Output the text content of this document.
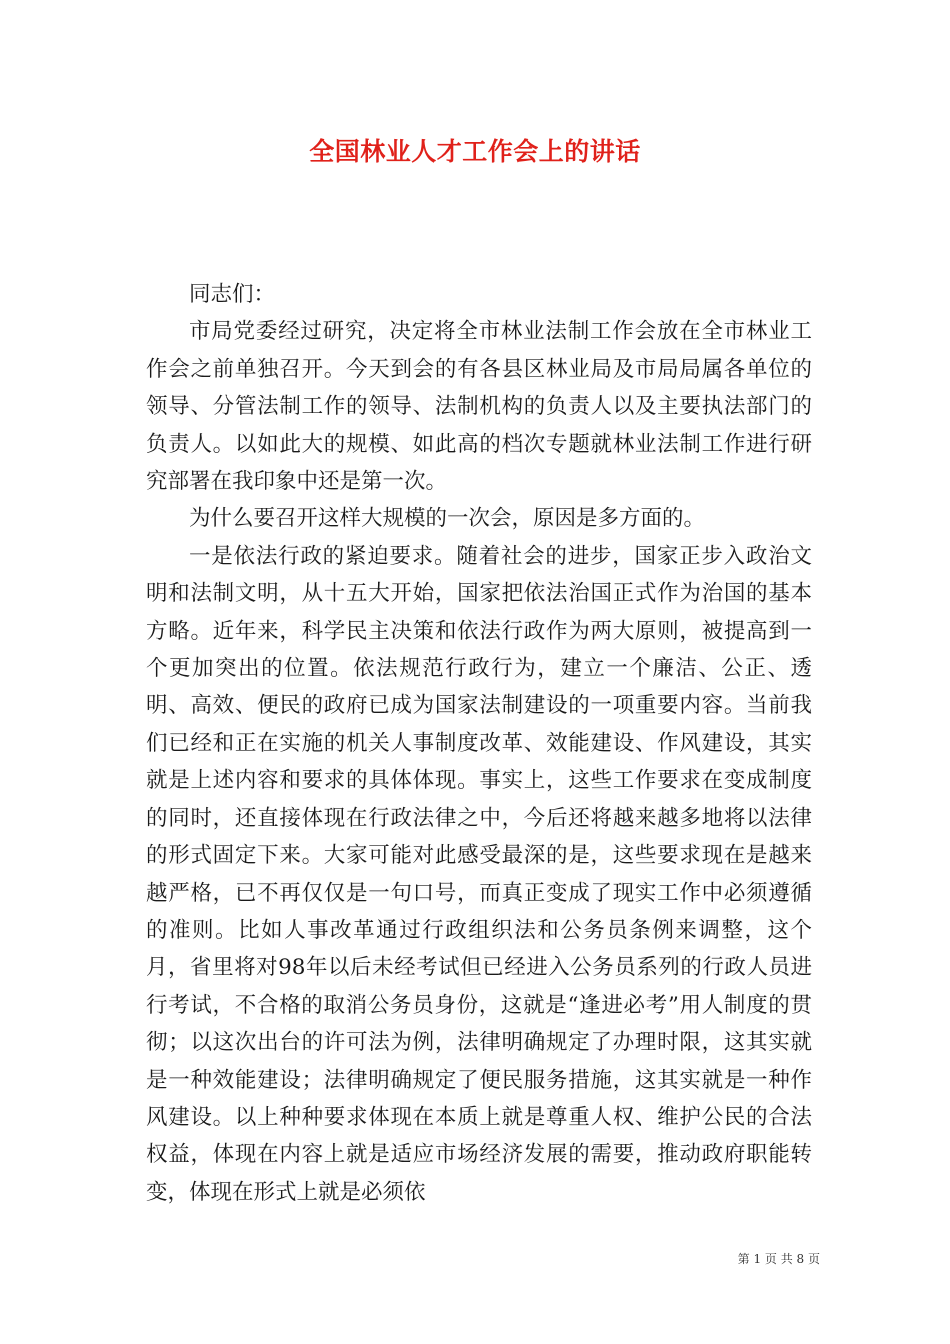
全国林业人才工作会上的讲话

同志们：

市局党委经过研究，决定将全市林业法制工作会放在全市林业工作会之前单独召开。今天到会的有各县区林业局及市局局属各单位的领导、分管法制工作的领导、法制机构的负责人以及主要执法部门的负责人。以如此大的规模、如此高的档次专题就林业法制工作进行研究部署在我印象中还是第一次。

为什么要召开这样大规模的一次会，原因是多方面的。

一是依法行政的紧迫要求。随着社会的进步，国家正步入政治文明和法制文明，从十五大开始，国家把依法治国正式作为治国的基本方略。近年来，科学民主决策和依法行政作为两大原则，被提高到一个更加突出的位置。依法规范行政行为，建立一个廉洁、公正、透明、高效、便民的政府已成为国家法制建设的一项重要内容。当前我们已经和正在实施的机关人事制度改革、效能建设、作风建设，其实就是上述内容和要求的具体体现。事实上，这些工作要求在变成制度的同时，还直接体现在行政法律之中，今后还将越来越多地将以法律的形式固定下来。大家可能对此感受最深的是，这些要求现在是越来越严格，已不再仅仅是一句口号，而真正变成了现实工作中必须遵循的准则。比如人事改革通过行政组织法和公务员条例来调整，这个月，省里将对98年以后未经考试但已经进入公务员系列的行政人员进行考试，不合格的取消公务员身份，这就是“逢进必考”用人制度的贯彻；以这次出台的许可法为例，法律明确规定了办理时限，这其实就是一种效能建设；法律明确规定了便民服务措施，这其实就是一种作风建设。以上种种要求体现在本质上就是尊重人权、维护公民的合法权益，体现在内容上就是适应市场经济发展的需要，推动政府职能转变，体现在形式上就是必须依

第 1 页 共 8 页
